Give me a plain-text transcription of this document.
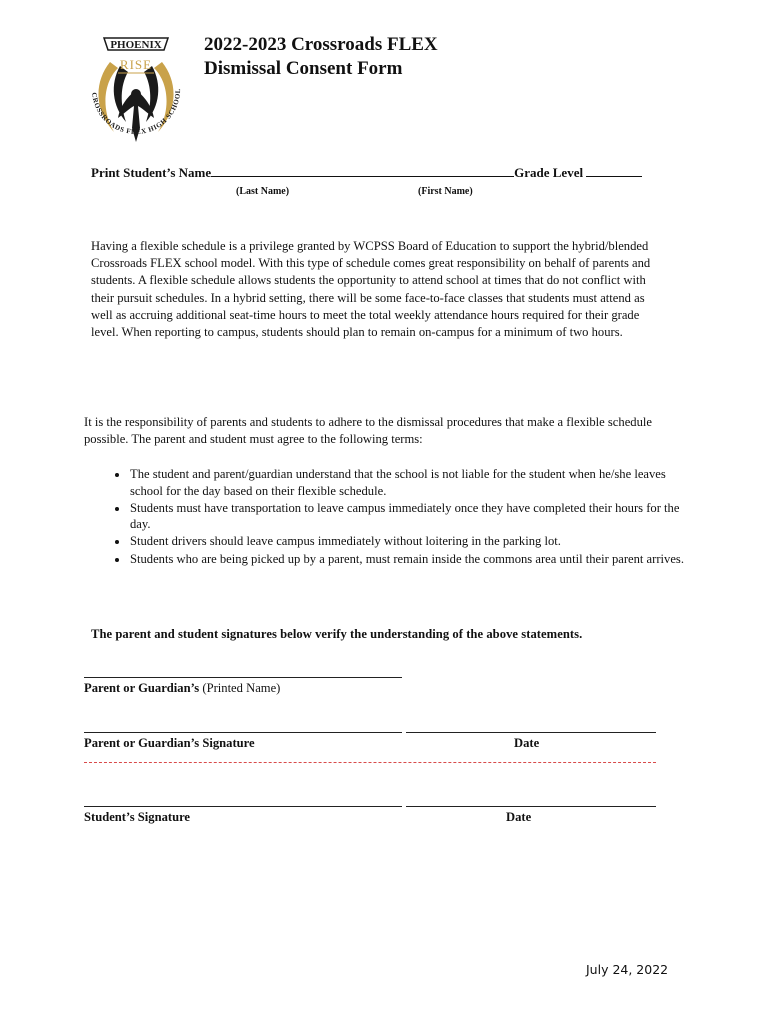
PHOENIX
RISE
CROSSROADS FLEX HIGH SCHOOL
2022-2023 Crossroads FLEX
Dismissal Consent Form
Print Student’s Name	Grade Level
(Last Name)	(First Name)
Having a flexible schedule is a privilege granted by WCPSS Board of Education to support the hybrid/blended Crossroads FLEX school model. With this type of schedule comes great responsibility on behalf of parents and students. A flexible schedule allows students the opportunity to attend school at times that do not conflict with their pursuit schedules. In a hybrid setting, there will be some face-to-face classes that students must attend as well as accruing additional seat-time hours to meet the total weekly attendance hours required for their grade level. When reporting to campus, students should plan to remain on-campus for a minimum of two hours.
It is the responsibility of parents and students to adhere to the dismissal procedures that make a flexible schedule possible. The parent and student must agree to the following terms:
• The student and parent/guardian understand that the school is not liable for the student when he/she leaves school for the day based on their flexible schedule.
• Students must have transportation to leave campus immediately once they have completed their hours for the day.
• Student drivers should leave campus immediately without loitering in the parking lot.
• Students who are being picked up by a parent, must remain inside the commons area until their parent arrives.
The parent and student signatures below verify the understanding of the above statements.
Parent or Guardian’s (Printed Name)
Parent or Guardian’s Signature	Date
Student’s Signature	Date
July 24, 2022
